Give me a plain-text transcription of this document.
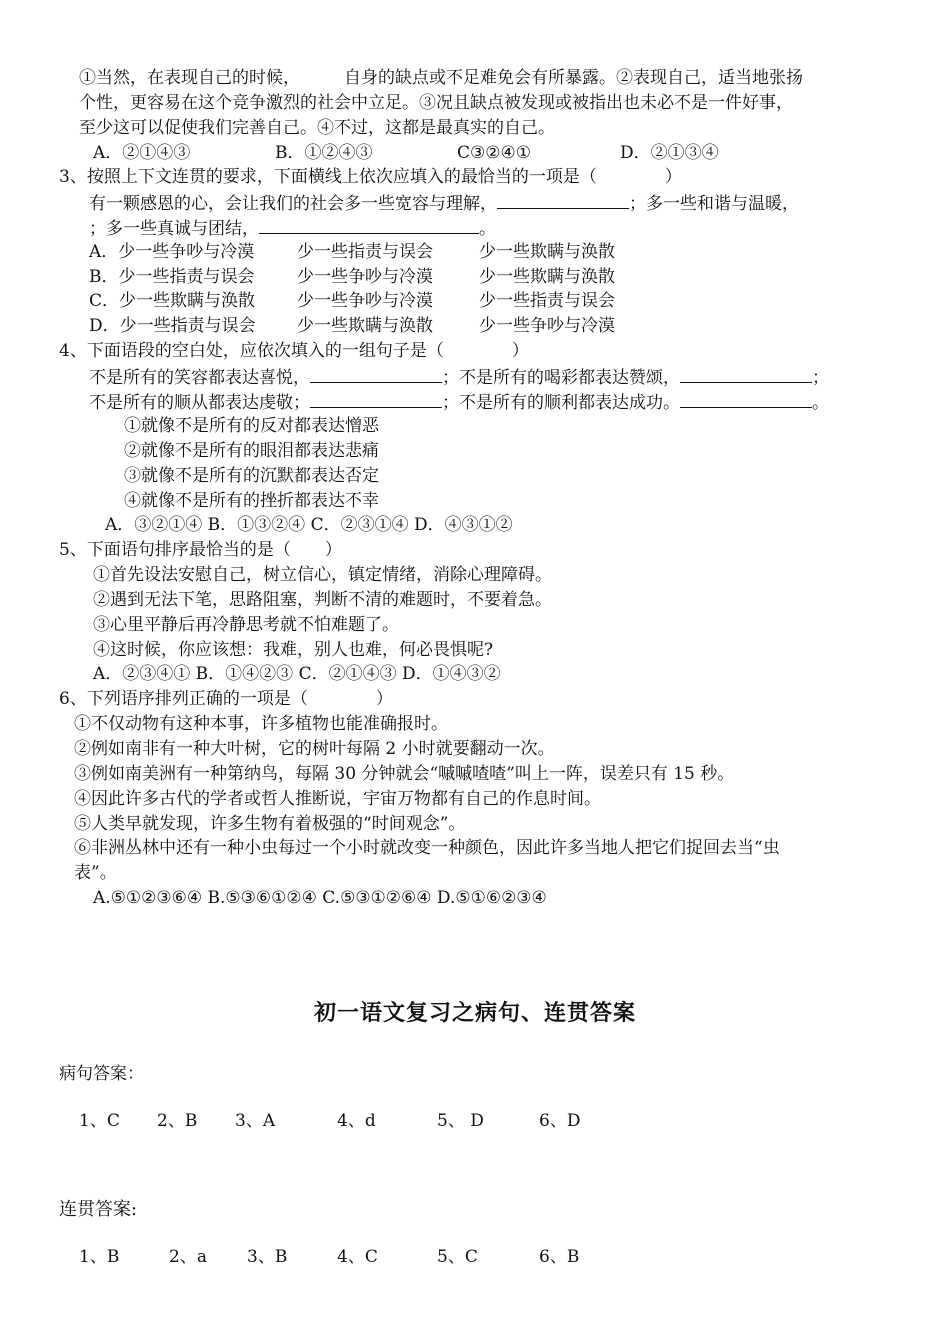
①当然，在表现自己的时候，	自身的缺点或不足难免会有所暴露。②表现自己，适当地张扬
个性，更容易在这个竞争激烈的社会中立足。③况且缺点被发现或被指出也未必不是一件好事，
至少这可以促使我们完善自己。④不过，这都是最真实的自己。
A．②①④③	B．①②④③	C③②④①	D．②①③④
3、按照上下文连贯的要求，下面横线上依次应填入的最恰当的一项是（　　　　）
有一颗感恩的心，会让我们的社会多一些宽容与理解，	；多一些和谐与温暖，
；多一些真诚与团结，	。
A．少一些争吵与冷漠	少一些指责与误会	少一些欺瞒与涣散
B．少一些指责与误会	少一些争吵与冷漠	少一些欺瞒与涣散
C．少一些欺瞒与涣散 少一些争吵与冷漠	少一些指责与误会
D．少一些指责与误会 少一些欺瞒与涣散	少一些争吵与冷漠
4、下面语段的空白处，应依次填入的一组句子是（　　　　）
不是所有的笑容都表达喜悦，	；不是所有的喝彩都表达赞颂，	；
不是所有的顺从都表达虔敬；	；不是所有的顺利都表达成功。	。
①就像不是所有的反对都表达憎恶
②就像不是所有的眼泪都表达悲痛
③就像不是所有的沉默都表达否定
④就像不是所有的挫折都表达不幸
A．③②①④ B．①③②④ C．②③①④ D．④③①②
5、下面语句排序最恰当的是（　　）
①首先设法安慰自己，树立信心，镇定情绪，消除心理障碍。
②遇到无法下笔，思路阻塞，判断不清的难题时，不要着急。
③心里平静后再冷静思考就不怕难题了。
④这时候，你应该想：我难，别人也难，何必畏惧呢?
A．②③④① B．①④②③ C．②①④③ D．①④③②
6、下列语序排列正确的一项是（　　　　）
①不仅动物有这种本事，许多植物也能准确报时。
②例如南非有一种大叶树，它的树叶每隔 2 小时就要翻动一次。
③例如南美洲有一种第纳鸟，每隔 30 分钟就会“嘁嘁喳喳”叫上一阵，误差只有 15 秒。
④因此许多古代的学者或哲人推断说，宇宙万物都有自己的作息时间。
⑤人类早就发现，许多生物有着极强的“时间观念”。
⑥非洲丛林中还有一种小虫每过一个小时就改变一种颜色，因此许多当地人把它们捉回去当“虫
表”。
A.⑤①②③⑥④ B.⑤③⑥①②④ C.⑤③①②⑥④ D.⑤①⑥②③④
初一语文复习之病句、连贯答案
病句答案：
1、C 2、B 3、A	4、d	5、 D	6、D
连贯答案:
1、B	2、a 3、B	4、C	5、C	6、B
